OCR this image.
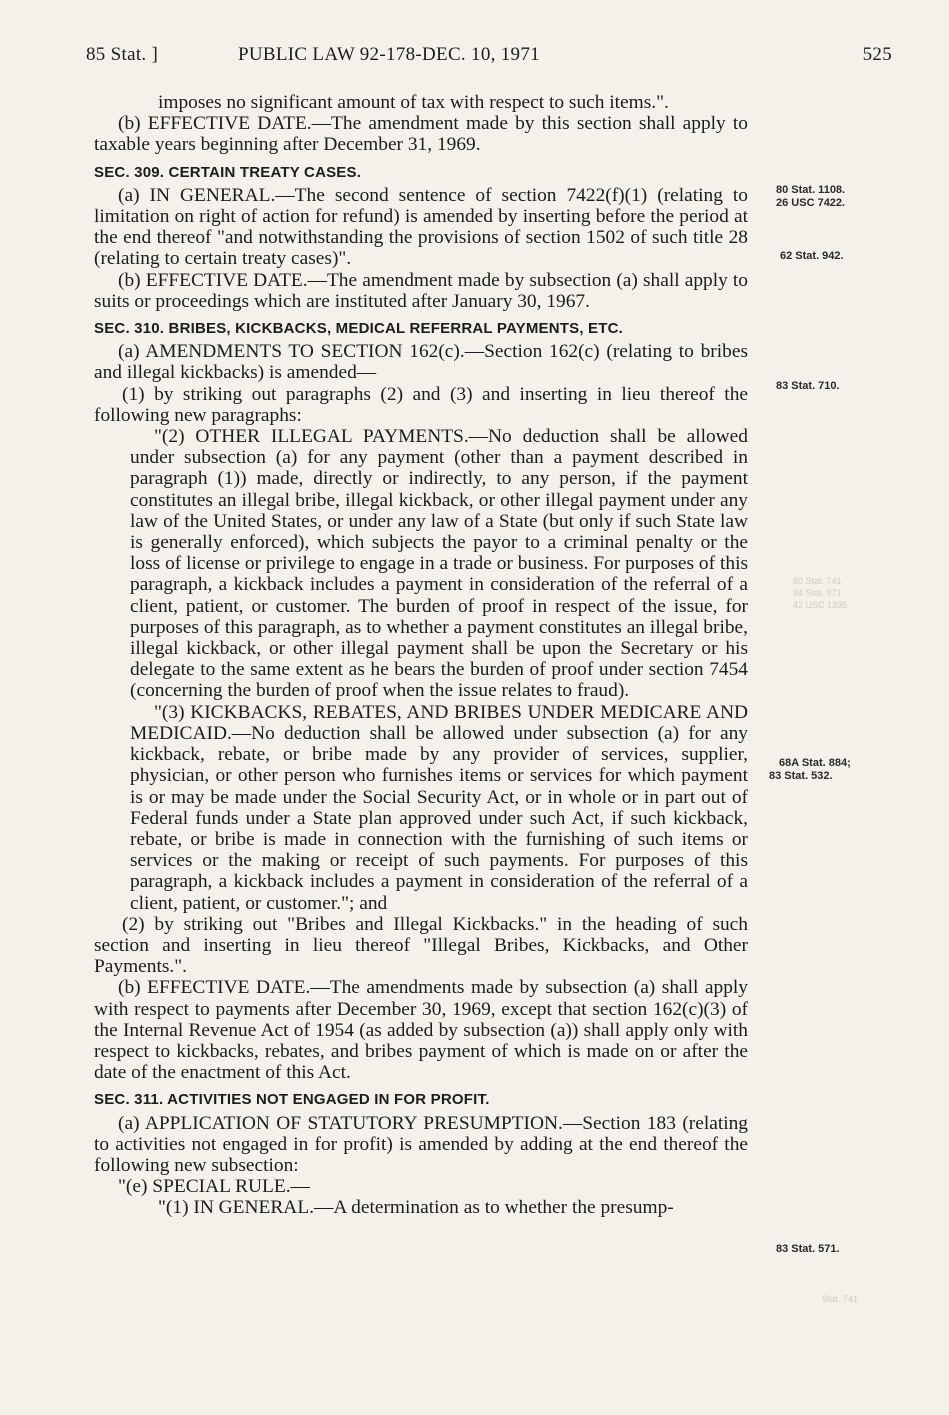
85 Stat. ]	PUBLIC LAW 92-178-DEC. 10, 1971	525

imposes no significant amount of tax with respect to such items.".

(b) EFFECTIVE DATE.—The amendment made by this section shall apply to taxable years beginning after December 31, 1969.

SEC. 309. CERTAIN TREATY CASES.

(a) IN GENERAL.—The second sentence of section 7422(f)(1) (relating to limitation on right of action for refund) is amended by inserting before the period at the end thereof "and notwithstanding the provisions of section 1502 of such title 28 (relating to certain treaty cases)".

(b) EFFECTIVE DATE.—The amendment made by subsection (a) shall apply to suits or proceedings which are instituted after January 30, 1967.

SEC. 310. BRIBES, KICKBACKS, MEDICAL REFERRAL PAYMENTS, ETC.

(a) AMENDMENTS TO SECTION 162(c).—Section 162(c) (relating to bribes and illegal kickbacks) is amended—

(1) by striking out paragraphs (2) and (3) and inserting in lieu thereof the following new paragraphs:

"(2) OTHER ILLEGAL PAYMENTS.—No deduction shall be allowed under subsection (a) for any payment (other than a payment described in paragraph (1)) made, directly or indirectly, to any person, if the payment constitutes an illegal bribe, illegal kickback, or other illegal payment under any law of the United States, or under any law of a State (but only if such State law is generally enforced), which subjects the payor to a criminal penalty or the loss of license or privilege to engage in a trade or business. For purposes of this paragraph, a kickback includes a payment in consideration of the referral of a client, patient, or customer. The burden of proof in respect of the issue, for purposes of this paragraph, as to whether a payment constitutes an illegal bribe, illegal kickback, or other illegal payment shall be upon the Secretary or his delegate to the same extent as he bears the burden of proof under section 7454 (concerning the burden of proof when the issue relates to fraud).

"(3) KICKBACKS, REBATES, AND BRIBES UNDER MEDICARE AND MEDICAID.—No deduction shall be allowed under subsection (a) for any kickback, rebate, or bribe made by any provider of services, supplier, physician, or other person who furnishes items or services for which payment is or may be made under the Social Security Act, or in whole or in part out of Federal funds under a State plan approved under such Act, if such kickback, rebate, or bribe is made in connection with the furnishing of such items or services or the making or receipt of such payments. For purposes of this paragraph, a kickback includes a payment in consideration of the referral of a client, patient, or customer."; and

(2) by striking out "Bribes and Illegal Kickbacks." in the heading of such section and inserting in lieu thereof "Illegal Bribes, Kickbacks, and Other Payments.".

(b) EFFECTIVE DATE.—The amendments made by subsection (a) shall apply with respect to payments after December 30, 1969, except that section 162(c)(3) of the Internal Revenue Act of 1954 (as added by subsection (a)) shall apply only with respect to kickbacks, rebates, and bribes payment of which is made on or after the date of the enactment of this Act.

SEC. 311. ACTIVITIES NOT ENGAGED IN FOR PROFIT.

(a) APPLICATION OF STATUTORY PRESUMPTION.—Section 183 (relating to activities not engaged in for profit) is amended by adding at the end thereof the following new subsection:

"(e) SPECIAL RULE.—

"(1) IN GENERAL.—A determination as to whether the presump-

80 Stat. 1108.
26 USC 7422.
62 Stat. 942.
83 Stat. 710.
68A Stat. 884;
83 Stat. 532.
83 Stat. 571.
80 Stat. 741
84 Stat. 971
42 USC 1395
Stat. 741
